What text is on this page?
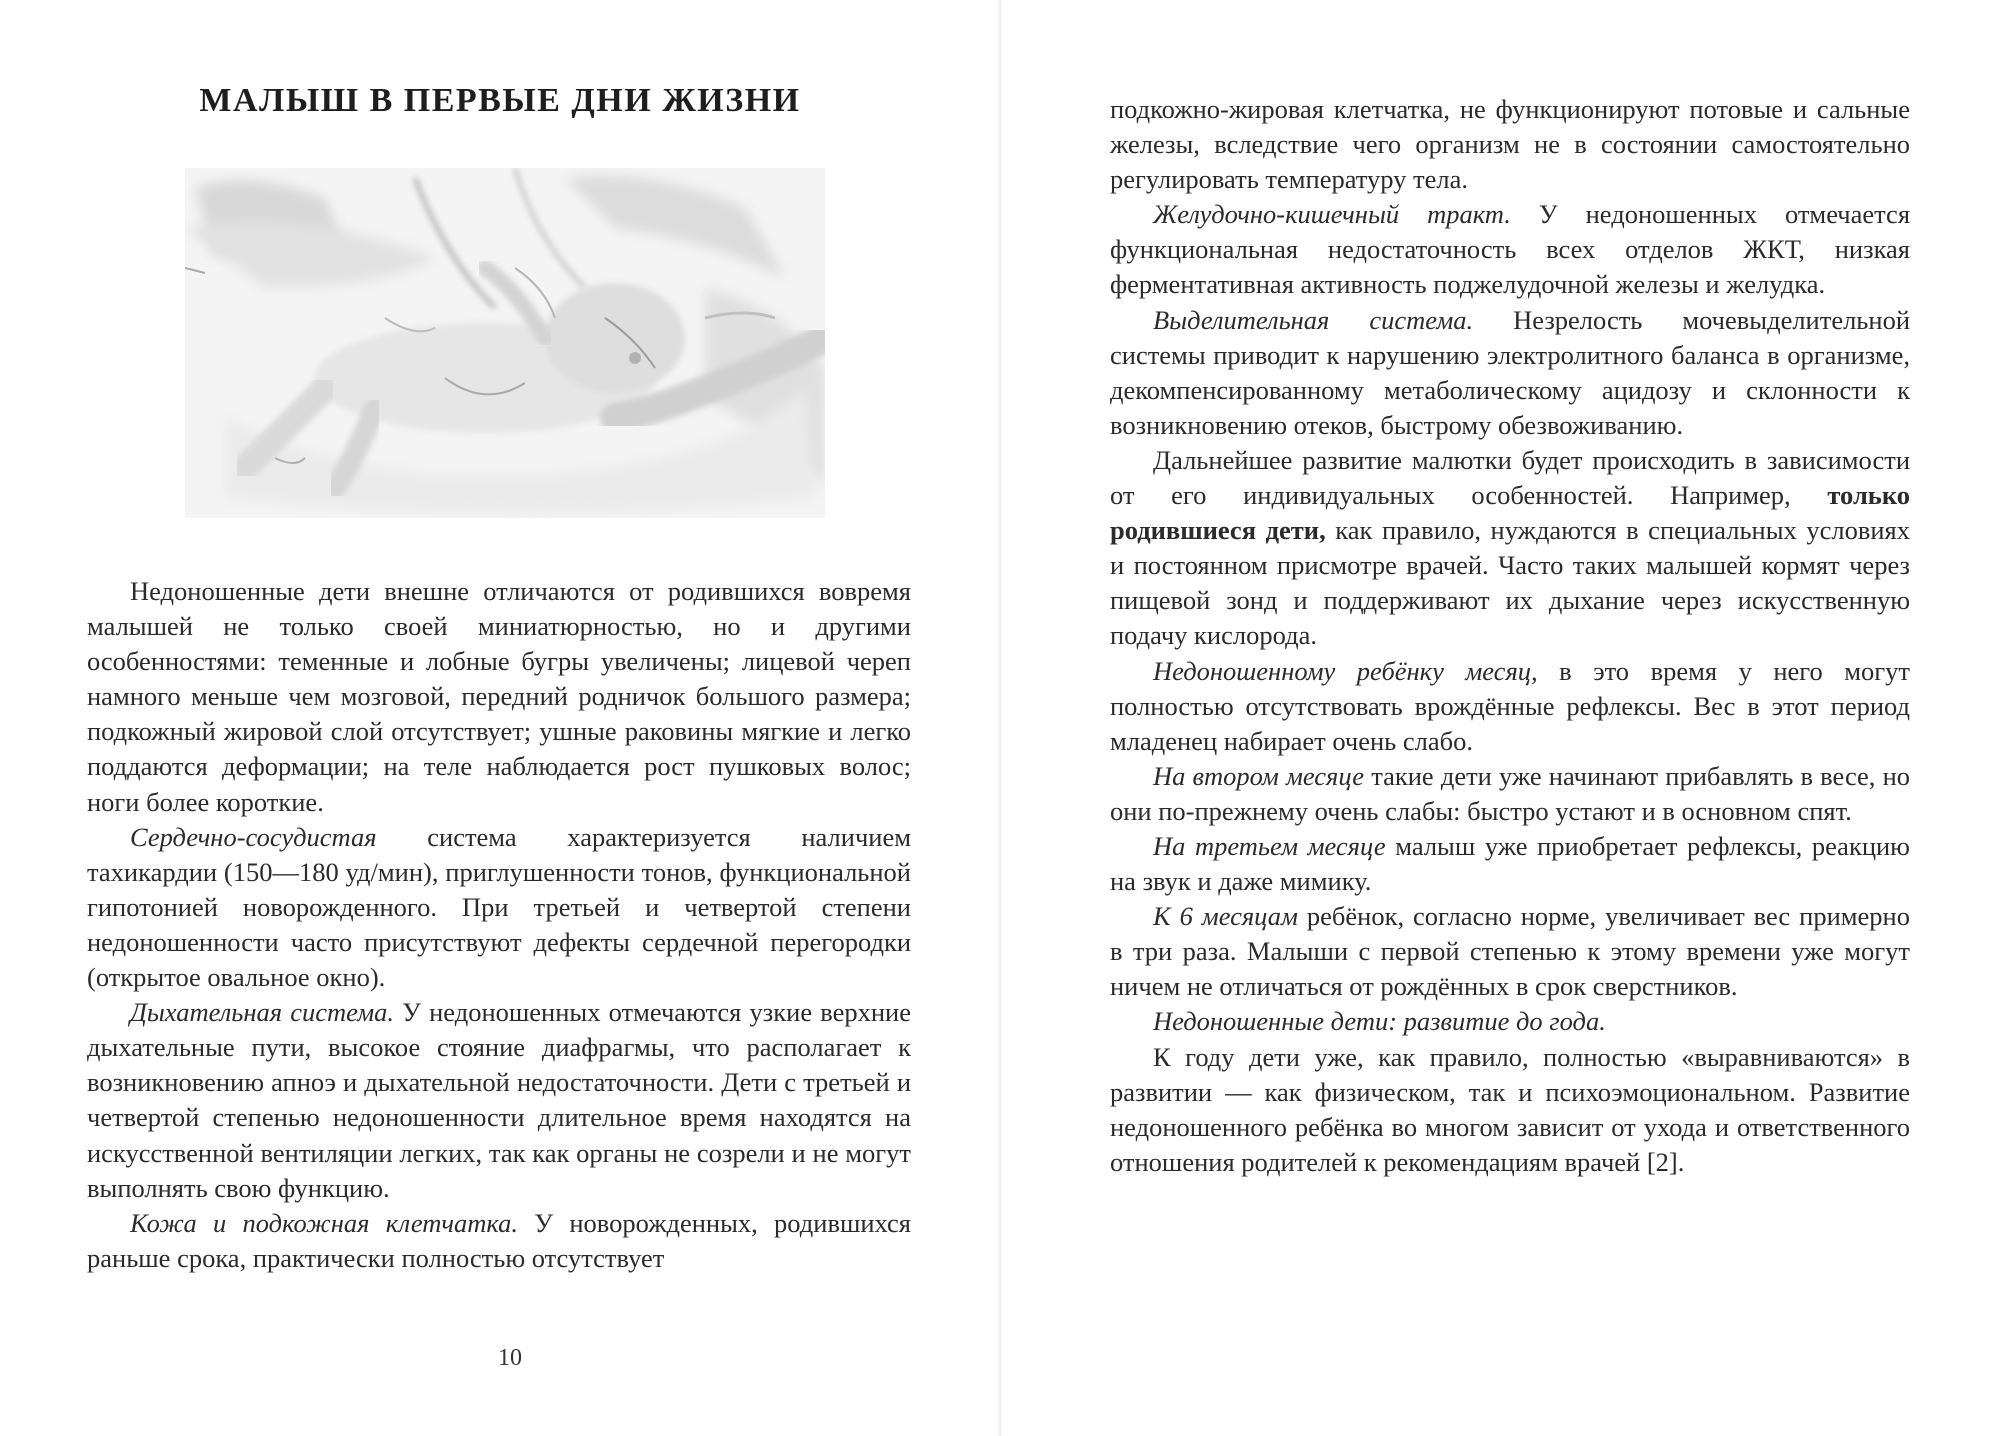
МАЛЫШ В ПЕРВЫЕ ДНИ ЖИЗНИ

Недоношенные дети внешне отличаются от родившихся вовремя малышей не только своей миниатюрностью, но и другими особенностями: теменные и лобные бугры увеличены; лицевой череп намного меньше чем мозговой, передний родничок большого размера; подкожный жировой слой отсутствует; ушные раковины мягкие и легко поддаются деформации; на теле наблюдается рост пушковых волос; ноги более короткие.

Сердечно-сосудистая система характеризуется наличием тахикардии (150—180 уд/мин), приглушенности тонов, функциональной гипотонией новорожденного. При третьей и четвертой степени недоношенности часто присутствуют дефекты сердечной перегородки (открытое овальное окно).

Дыхательная система. У недоношенных отмечаются узкие верхние дыхательные пути, высокое стояние диафрагмы, что располагает к возникновению апноэ и дыхательной недостаточности. Дети с третьей и четвертой степенью недоношенности длительное время находятся на искусственной вентиляции легких, так как органы не созрели и не могут выполнять свою функцию.

Кожа и подкожная клетчатка. У новорожденных, родившихся раньше срока, практически полностью отсутствует

10

подкожно-жировая клетчатка, не функционируют потовые и сальные железы, вследствие чего организм не в состоянии самостоятельно регулировать температуру тела.

Желудочно-кишечный тракт. У недоношенных отмечается функциональная недостаточность всех отделов ЖКТ, низкая ферментативная активность поджелудочной железы и желудка.

Выделительная система. Незрелость мочевыделительной системы приводит к нарушению электролитного баланса в организме, декомпенсированному метаболическому ацидозу и склонности к возникновению отеков, быстрому обезвоживанию.

Дальнейшее развитие малютки будет происходить в зависимости от его индивидуальных особенностей. Например, только родившиеся дети, как правило, нуждаются в специальных условиях и постоянном присмотре врачей. Часто таких малышей кормят через пищевой зонд и поддерживают их дыхание через искусственную подачу кислорода.

Недоношенному ребёнку месяц, в это время у него могут полностью отсутствовать врождённые рефлексы. Вес в этот период младенец набирает очень слабо.

На втором месяце такие дети уже начинают прибавлять в весе, но они по-прежнему очень слабы: быстро устают и в основном спят.

На третьем месяце малыш уже приобретает рефлексы, реакцию на звук и даже мимику.

К 6 месяцам ребёнок, согласно норме, увеличивает вес примерно в три раза. Малыши с первой степенью к этому времени уже могут ничем не отличаться от рождённых в срок сверстников.

Недоношенные дети: развитие до года.

К году дети уже, как правило, полностью «выравниваются» в развитии — как физическом, так и психоэмоциональном. Развитие недоношенного ребёнка во многом зависит от ухода и ответственного отношения родителей к рекомендациям врачей [2].
